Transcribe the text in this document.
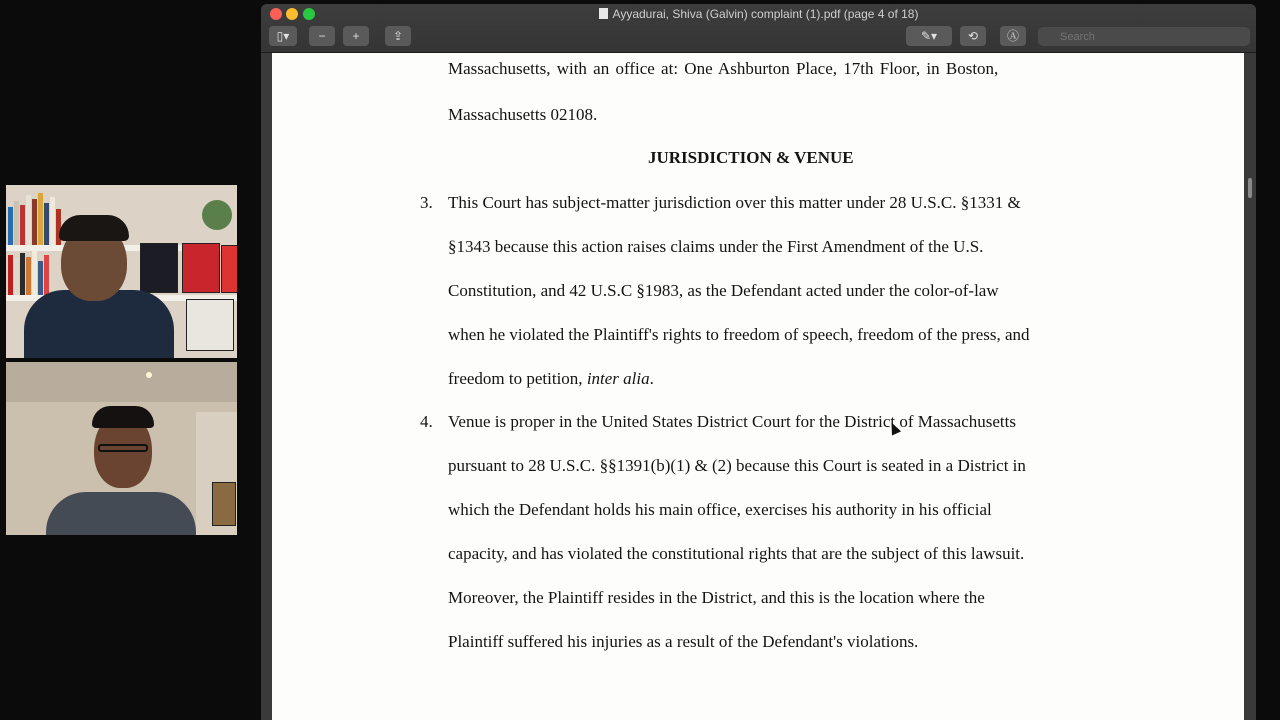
Ayyadurai, Shiva (Galvin) complaint (1).pdf (page 4 of 18)
▯▾	−	+	⇪	✎▾	⟲	Ⓐ
Search
Massachusetts, with an office at: One Ashburton Place, 17th Floor, in Boston,
Massachusetts 02108.
JURISDICTION & VENUE
3. This Court has subject-matter jurisdiction over this matter under 28 U.S.C. §1331 &
§1343 because this action raises claims under the First Amendment of the U.S.
Constitution, and 42 U.S.C §1983, as the Defendant acted under the color-of-law
when he violated the Plaintiff's rights to freedom of speech, freedom of the press, and
freedom to petition, inter alia.
4. Venue is proper in the United States District Court for the District of Massachusetts
pursuant to 28 U.S.C. §§1391(b)(1) & (2) because this Court is seated in a District in
which the Defendant holds his main office, exercises his authority in his official
capacity, and has violated the constitutional rights that are the subject of this lawsuit.
Moreover, the Plaintiff resides in the District, and this is the location where the
Plaintiff suffered his injuries as a result of the Defendant's violations.
